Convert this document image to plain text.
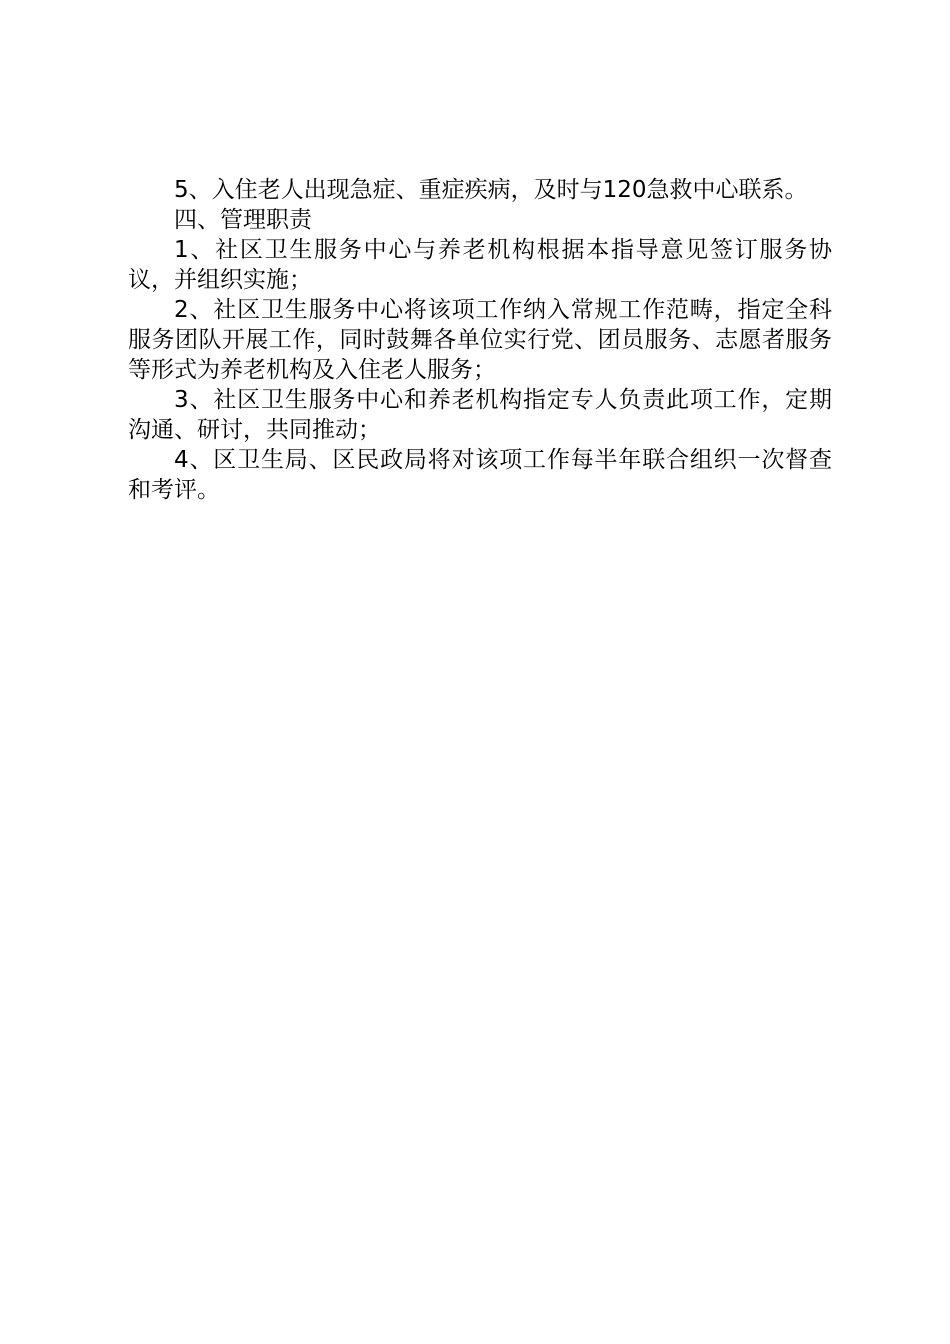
5、入住老人出现急症、重症疾病，及时与120急救中心联系。

四、管理职责

1、社区卫生服务中心与养老机构根据本指导意见签订服务协议，并组织实施；

2、社区卫生服务中心将该项工作纳入常规工作范畴，指定全科服务团队开展工作，同时鼓舞各单位实行党、团员服务、志愿者服务等形式为养老机构及入住老人服务；

3、社区卫生服务中心和养老机构指定专人负责此项工作，定期沟通、研讨，共同推动；

4、区卫生局、区民政局将对该项工作每半年联合组织一次督查和考评。
